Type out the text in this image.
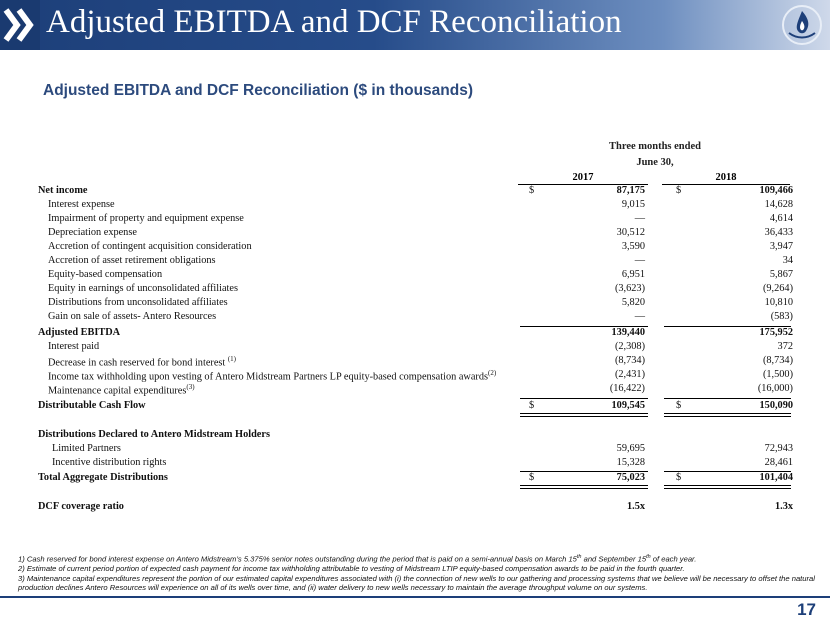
Adjusted EBITDA and DCF Reconciliation
Adjusted EBITDA and DCF Reconciliation ($ in thousands)
Three months ended
June 30,
2017	2018
Net income	$	87,175	$	109,466
Interest expense	9,015	14,628
Impairment of property and equipment expense	—	4,614
Depreciation expense	30,512	36,433
Accretion of contingent acquisition consideration	3,590	3,947
Accretion of asset retirement obligations	—	34
Equity-based compensation	6,951	5,867
Equity in earnings of unconsolidated affiliates	(3,623)	(9,264)
Distributions from unconsolidated affiliates	5,820	10,810
Gain on sale of assets- Antero Resources	—	(583)
Adjusted EBITDA	139,440	175,952
Interest paid	(2,308)	372
Decrease in cash reserved for bond interest $^{(1)}$	(8,734)	(8,734)
Income tax withholding upon vesting of Antero Midstream Partners LP equity-based compensation awards$^{(2)}$	(2,431)	(1,500)
Maintenance capital expenditures$^{(3)}$	(16,422)	(16,000)
Distributable Cash Flow	$	109,545	$	150,090
Distributions Declared to Antero Midstream Holders
Limited Partners	59,695	72,943
Incentive distribution rights	15,328	28,461
Total Aggregate Distributions	$	75,023	$	101,404
DCF coverage ratio	1.5x	1.3x
1) Cash reserved for bond interest expense on Antero Midstream’s 5.375% senior notes outstanding during the period that is paid on a semi-annual basis on March 15th and September 15th of each year.
2) Estimate of current period portion of expected cash payment for income tax withholding attributable to vesting of Midstream LTIP equity-based compensation awards to be paid in the fourth quarter.
3) Maintenance capital expenditures represent the portion of our estimated capital expenditures associated with (i) the connection of new wells to our gathering and processing systems that we believe will be necessary to offset the natural production declines Antero Resources will experience on all of its wells over time, and (ii) water delivery to new wells necessary to maintain the average throughput volume on our systems.
17
